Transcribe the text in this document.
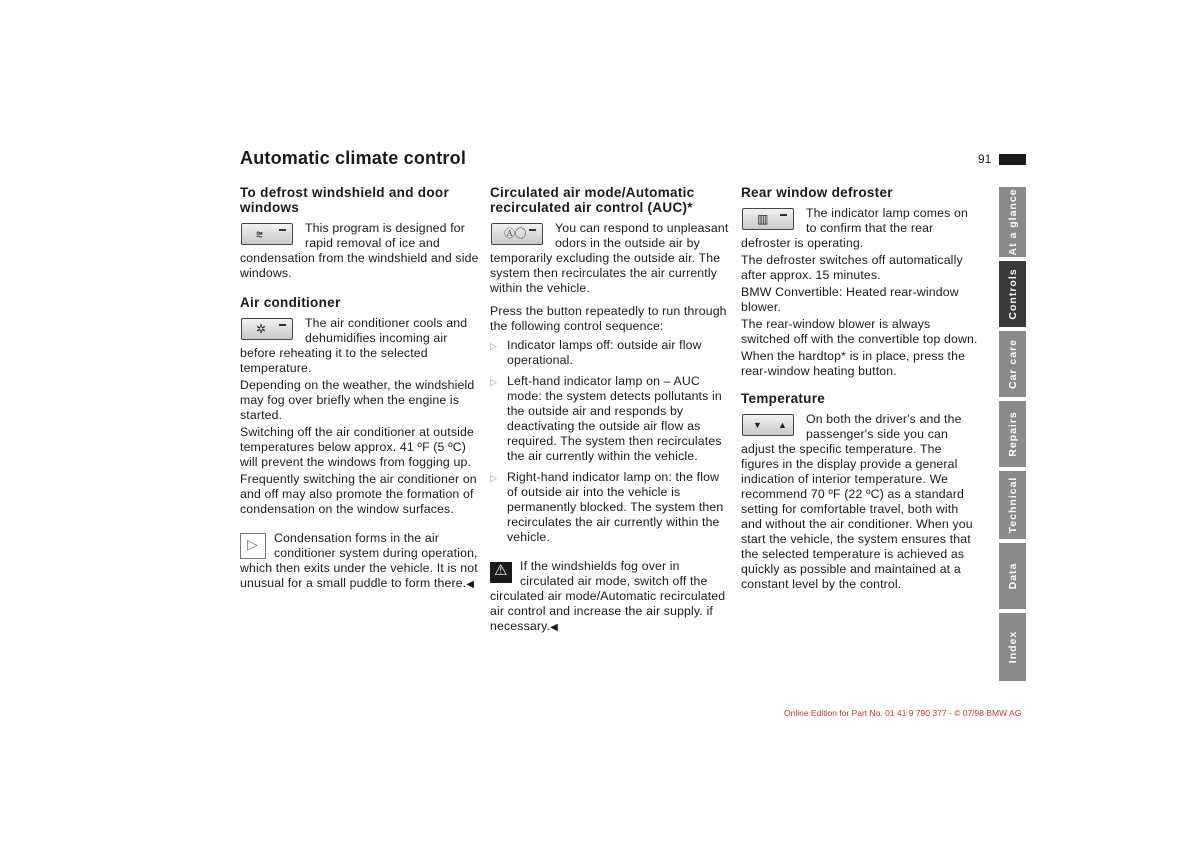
Automatic climate control	91
To defrost windshield and door windows
⩬	This program is designed for rapid removal of ice and condensation from the windshield and side windows.

Air conditioner
✲	The air conditioner cools and dehumidifies incoming air before reheating it to the selected temperature.

Depending on the weather, the windshield may fog over briefly when the engine is started.

Switching off the air conditioner at outside temperatures below approx. 41 ºF (5 ºC) will prevent the windows from fogging up.

Frequently switching the air conditioner on and off may also promote the formation of condensation on the window surfaces.

▷	Condensation forms in the air conditioner system during operation, which then exits under the vehicle. It is not unusual for a small puddle to form there.◀

Circulated air mode/Automatic recirculated air control (AUC)*
Ⓐ◯	You can respond to unpleasant odors in the outside air by temporarily excluding the outside air. The system then recirculates the air currently within the vehicle.

Press the button repeatedly to run through the following control sequence:

▷ Indicator lamps off: outside air flow operational.
▷ Left-hand indicator lamp on – AUC mode: the system detects pollutants in the outside air and responds by deactivating the outside air flow as required. The system then recirculates the air currently within the vehicle.
▷ Right-hand indicator lamp on: the flow of outside air into the vehicle is permanently blocked. The system then recirculates the air currently within the vehicle.
⚠	If the windshields fog over in circulated air mode, switch off the circulated air mode/Automatic recirculated air control and increase the air supply. if necessary.◀

Rear window defroster
▥	The indicator lamp comes on to confirm that the rear defroster is operating.

The defroster switches off automatically after approx. 15 minutes.

BMW Convertible: Heated rear-window blower.

The rear-window blower is always switched off with the convertible top down.

When the hardtop* is in place, press the rear-window heating button.

Temperature
▼ ▲	On both the driver's and the passenger's side you can adjust the specific temperature. The figures in the display provide a general indication of interior temperature. We recommend 70 ºF (22 ºC) as a standard setting for comfortable travel, both with and without the air conditioner. When you start the vehicle, the system ensures that the selected temperature is achieved as quickly as possible and maintained at a constant level by the control.

At a glance
Controls
Car care
Repairs
Technical
Data
Index
Online Edition for Part No. 01 41 9 790 377 - © 07/98 BMW AG
